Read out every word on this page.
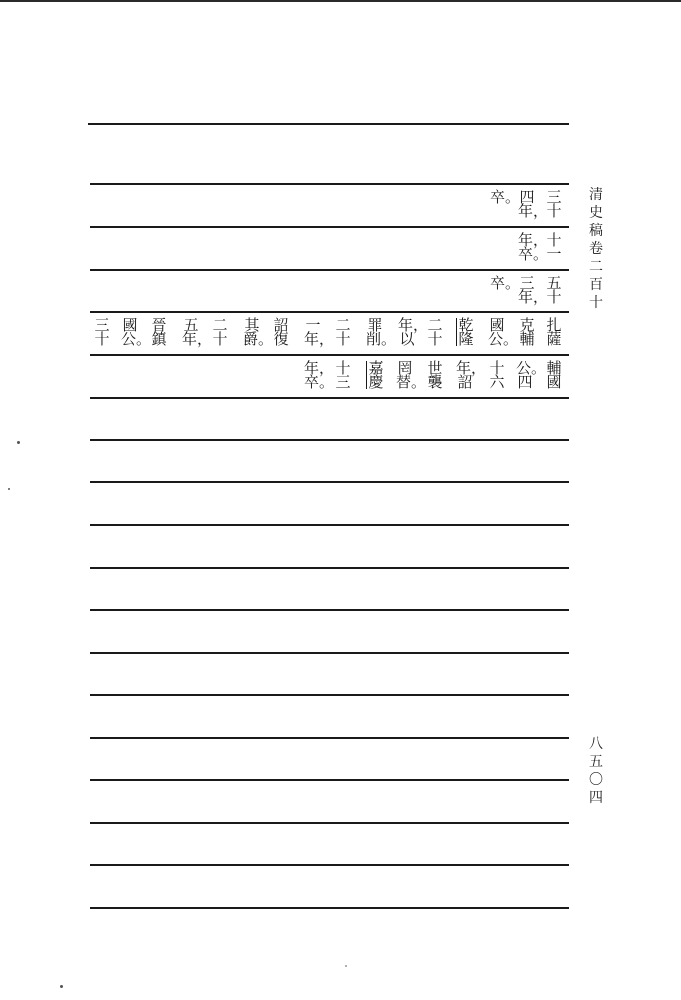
三十
四年，
卒。
十一
年，
卒。
五十
三年，
卒。
扎薩
克輔
國公。
乾隆
二十
年，以
罪削。
二十
一年，
詔復
其爵。
二十
五年，
晉鎮
國公。
三十
輔國
公。四
十六
年，詔
世襲
罔替。
嘉慶
十三
年，卒。
清史稿卷二百十
八五〇四
